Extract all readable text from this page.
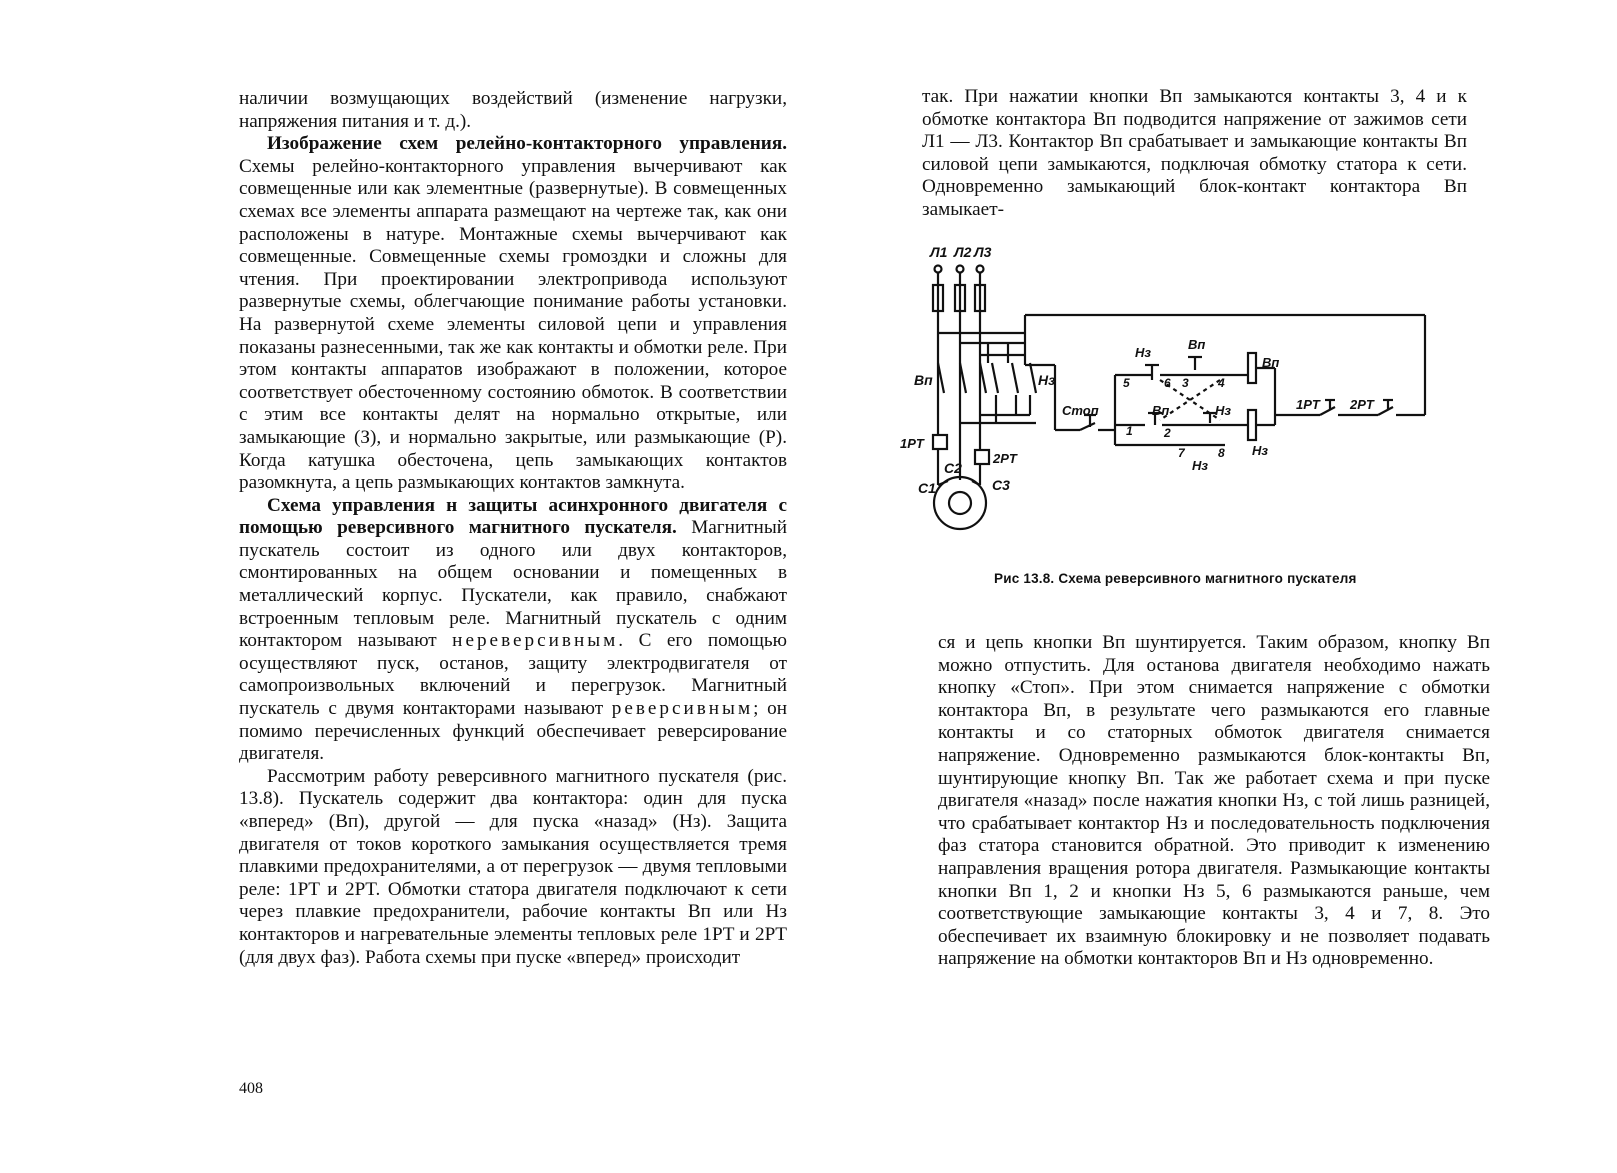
наличии возмущающих воздействий (изменение нагрузки, напряжения питания и т. д.).

Изображение схем релейно-контакторного управления. Схемы релейно-контакторного управления вычерчивают как совмещенные или как элементные (развернутые). В совмещенных схемах все элементы аппарата размещают на чертеже так, как они расположены в натуре. Монтажные схемы вычерчивают как совмещенные. Совмещенные схемы громоздки и сложны для чтения. При проектировании электропривода используют развернутые схемы, облегчающие понимание работы установки. На развернутой схеме элементы силовой цепи и управления показаны разнесенными, так же как контакты и обмотки реле. При этом контакты аппаратов изображают в положении, которое соответствует обесточенному состоянию обмоток. В соответствии с этим все контакты делят на нормально открытые, или замыкающие (З), и нормально закрытые, или размыкающие (Р). Когда катушка обесточена, цепь замыкающих контактов разомкнута, а цепь размыкающих контактов замкнута.

Схема управления н защиты асинхронного двигателя с помощью реверсивного магнитного пускателя. Магнитный пускатель состоит из одного или двух контакторов, смонтированных на общем основании и помещенных в металлический корпус. Пускатели, как правило, снабжают встроенным тепловым реле. Магнитный пускатель с одним контактором называют нереверсивным. С его помощью осуществляют пуск, останов, защиту электродвигателя от самопроизвольных включений и перегрузок. Магнитный пускатель с двумя контакторами называют реверсивным; он помимо перечисленных функций обеспечивает реверсирование двигателя.

Рассмотрим работу реверсивного магнитного пускателя (рис. 13.8). Пускатель содержит два контактора: один для пуска «вперед» (Вп), другой — для пуска «назад» (Нз). Защита двигателя от токов короткого замыкания осуществляется тремя плавкими предохранителями, а от перегрузок — двумя тепловыми реле: 1PT и 2PT. Обмотки статора двигателя подключают к сети через плавкие предохранители, рабочие контакты Вп или Нз контакторов и нагревательные элементы тепловых реле 1PT и 2PT (для двух фаз). Работа схемы при пуске «вперед» происходит

408

так. При нажатии кнопки Вп замыкаются контакты 3, 4 и к обмотке контактора Вп подводится напряжение от зажимов сети Л1 — Л3. Контактор Вп срабатывает и замыкающие контакты Вп силовой цепи замыкаются, подключая обмотку статора к сети. Одновременно замыкающий блок-контакт контактора Вп замыкает-

Л1 Л2 Л3
Вп	Нз
1PT
2PT
C1
C2
C3
Стоп
Нз
Вп
Вп
Вп	Нз
Нз
Нз
5	6 3 4
1	2
7	8
1PT 2PT
Рис 13.8. Схема реверсивного магнитного пускателя

ся и цепь кнопки Вп шунтируется. Таким образом, кнопку Вп можно отпустить. Для останова двигателя необходимо нажать кнопку «Стоп». При этом снимается напряжение с обмотки контактора Вп, в результате чего размыкаются его главные контакты и со статорных обмоток двигателя снимается напряжение. Одновременно размыкаются блок-контакты Вп, шунтирующие кнопку Вп. Так же работает схема и при пуске двигателя «назад» после нажатия кнопки Нз, с той лишь разницей, что срабатывает контактор Нз и последовательность подключения фаз статора становится обратной. Это приводит к изменению направления вращения ротора двигателя. Размыкающие контакты кнопки Вп 1, 2 и кнопки Нз 5, 6 размыкаются раньше, чем соответствующие замыкающие контакты 3, 4 и 7, 8. Это обеспечивает их взаимную блокировку и не позволяет подавать напряжение на обмотки контакторов Вп и Нз одновременно.
